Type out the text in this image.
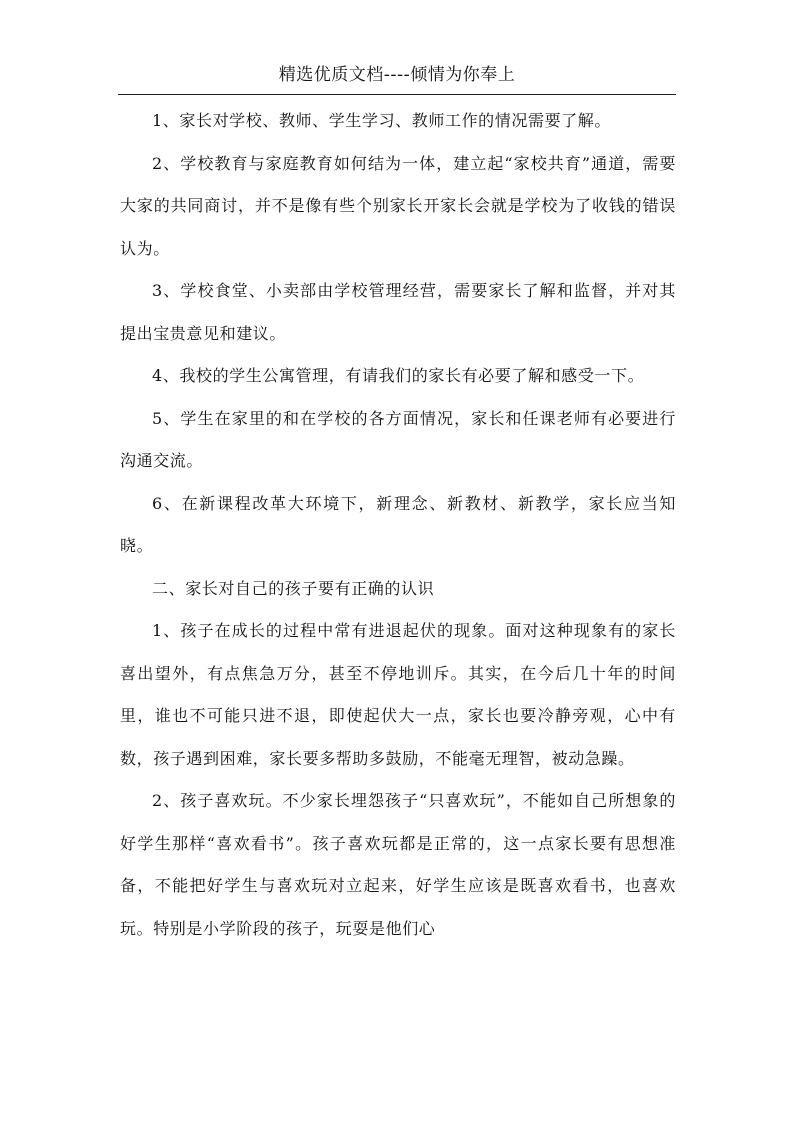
精选优质文档----倾情为你奉上

1、家长对学校、教师、学生学习、教师工作的情况需要了解。

2、学校教育与家庭教育如何结为一体，建立起“家校共育”通道，需要大家的共同商讨，并不是像有些个别家长开家长会就是学校为了收钱的错误认为。

3、学校食堂、小卖部由学校管理经营，需要家长了解和监督，并对其提出宝贵意见和建议。

4、我校的学生公寓管理，有请我们的家长有必要了解和感受一下。

5、学生在家里的和在学校的各方面情况，家长和任课老师有必要进行沟通交流。

6、在新课程改革大环境下，新理念、新教材、新教学，家长应当知晓。

二、家长对自己的孩子要有正确的认识

1、孩子在成长的过程中常有进退起伏的现象。面对这种现象有的家长喜出望外，有点焦急万分，甚至不停地训斥。其实，在今后几十年的时间里，谁也不可能只进不退，即使起伏大一点，家长也要冷静旁观，心中有数，孩子遇到困难，家长要多帮助多鼓励，不能毫无理智，被动急躁。

2、孩子喜欢玩。不少家长埋怨孩子“只喜欢玩”，不能如自己所想象的好学生那样“喜欢看书”。孩子喜欢玩都是正常的，这一点家长要有思想准备，不能把好学生与喜欢玩对立起来，好学生应该是既喜欢看书，也喜欢玩。特别是小学阶段的孩子，玩耍是他们心
